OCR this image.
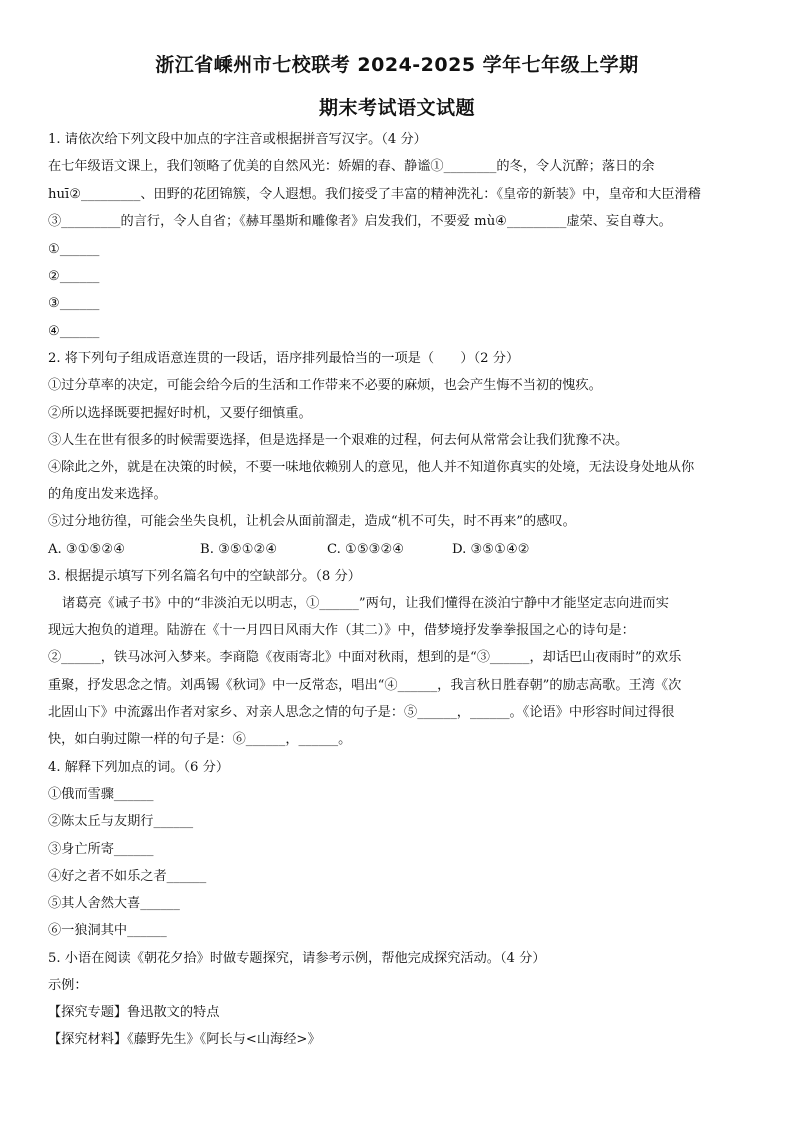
浙江省嵊州市七校联考 2024-2025 学年七年级上学期
期末考试语文试题
1. 请依次给下列文段中加点的字注音或根据拼音写汉字。（4 分）
在七年级语文课上，我们领略了优美的自然风光：娇媚的春、静谧①________的冬，令人沉醉；落日的余
huī②_________、田野的花团锦簇，令人遐想。我们接受了丰富的精神洗礼：《皇帝的新装》中，皇帝和大臣滑稽
③_________的言行，令人自省；《赫耳墨斯和雕像者》启发我们，不要爱 mù④_________虚荣、妄自尊大。
①______
②______
③______
④______
2. 将下列句子组成语意连贯的一段话，语序排列最恰当的一项是（　　）（2 分）
①过分草率的决定，可能会给今后的生活和工作带来不必要的麻烦，也会产生悔不当初的愧疚。
②所以选择既要把握好时机，又要仔细慎重。
③人生在世有很多的时候需要选择，但是选择是一个艰难的过程，何去何从常常会让我们犹豫不决。
④除此之外，就是在决策的时候，不要一味地依赖别人的意见，他人并不知道你真实的处境，无法设身处地从你
的角度出发来选择。
⑤过分地彷徨，可能会坐失良机，让机会从面前溜走，造成“机不可失，时不再来”的感叹。
A. ③①⑤②④	B. ③⑤①②④	C. ①⑤③②④	D. ③⑤①④②
3. 根据提示填写下列名篇名句中的空缺部分。（8 分）
诸葛亮《诫子书》中的“非淡泊无以明志，①______”两句，让我们懂得在淡泊宁静中才能坚定志向进而实
现远大抱负的道理。陆游在《十一月四日风雨大作（其二）》中，借梦境抒发拳拳报国之心的诗句是：
②______，铁马冰河入梦来。李商隐《夜雨寄北》中面对秋雨，想到的是“③______，却话巴山夜雨时”的欢乐
重聚，抒发思念之情。刘禹锡《秋词》中一反常态，唱出“④______，我言秋日胜春朝”的励志高歌。王湾《次
北固山下》中流露出作者对家乡、对亲人思念之情的句子是：⑤______，______。《论语》中形容时间过得很
快，如白驹过隙一样的句子是：⑥______，______。
4. 解释下列加点的词。（6 分）
①俄而雪骤______
②陈太丘与友期行______
③身亡所寄______
④好之者不如乐之者______
⑤其人舍然大喜______
⑥一狼洞其中______
5. 小语在阅读《朝花夕拾》时做专题探究，请参考示例，帮他完成探究活动。（4 分）
示例：
【探究专题】鲁迅散文的特点
【探究材料】《藤野先生》《阿长与<山海经>》
